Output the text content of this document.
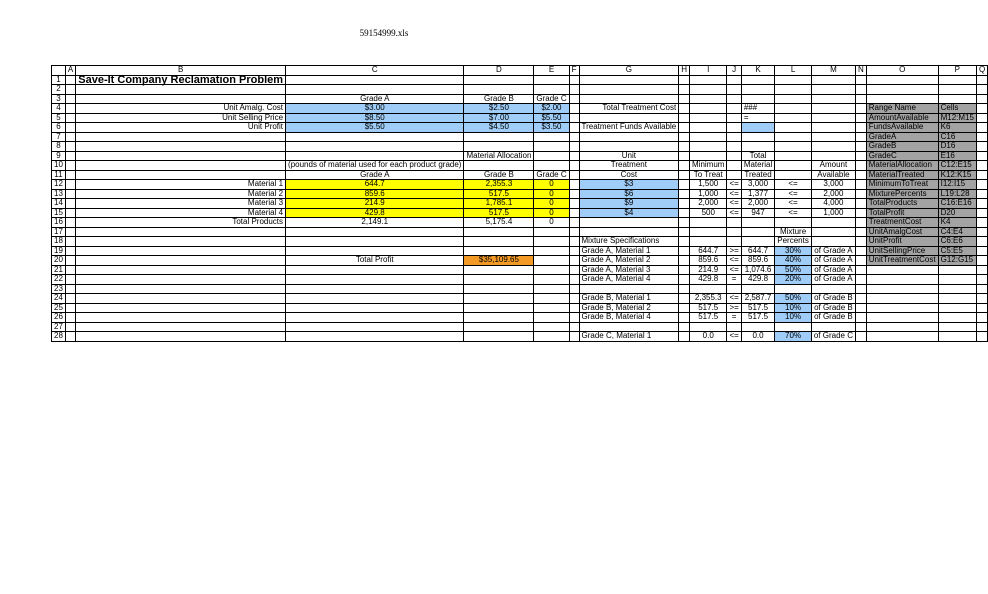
59154999.xls
	A	B	C	D	E	F	G	H	I	J	K	L	M	N	O	P	Q
1		Save-It Company Reclamation Problem															
2																	
3			Grade A	Grade B	Grade C												
4		Unit Amalg. Cost	$3.00	$2.50	$2.00		Total Treatment Cost				###				Range Name	Cells	
5		Unit Selling Price	$8.50	$7.00	$5.50						=				AmountAvailable	M12:M15	
6		Unit Profit	$5.50	$4.50	$3.50		Treatment Funds Available								FundsAvailable	K6	
7															GradeA	C16	
8															GradeB	D16	
9				Material Allocation			Unit				Total				GradeC	E16	
10			(pounds of material used for each product grade)				Treatment		Minimum		Material		Amount		MaterialAllocation	C12:E15	
11			Grade A	Grade B	Grade C		Cost		To Treat		Treated		Available		MaterialTreated	K12:K15	
12		Material 1	644.7	2,355.3	0		$3		1,500	<=	3,000	<=	3,000		MinimumToTreat	I12:I15	
13		Material 2	859.6	517.5	0		$6		1,000	<=	1,377	<=	2,000		MixturePercents	L19:L28	
14		Material 3	214.9	1,785.1	0		$9		2,000	<=	2,000	<=	4,000		TotalProducts	C16:E16	
15		Material 4	429.8	517.5	0		$4		500	<=	947	<=	1,000		TotalProfit	D20	
16		Total Products	2,149.1	5,175.4	0										TreatmentCost	K4	
17												Mixture			UnitAmalgCost	C4:E4	
18							Mixture Specifications					Percents			UnitProfit	C6:E6	
19							Grade A, Material 1		644.7	>=	644.7	30%	of Grade A		UnitSellingPrice	C5:E5	
20			Total Profit	$35,109.65			Grade A, Material 2		859.6	<=	859.6	40%	of Grade A		UnitTreatmentCost	G12:G15	
21							Grade A, Material 3		214.9	<=	1,074.6	50%	of Grade A				
22							Grade A, Material 4		429.8	=	429.8	20%	of Grade A				
23																	
24							Grade B, Material 1		2,355.3	<=	2,587.7	50%	of Grade B				
25							Grade B, Material 2		517.5	>=	517.5	10%	of Grade B				
26							Grade B, Material 4		517.5	=	517.5	10%	of Grade B				
27																	
28							Grade C, Material 1		0.0	<=	0.0	70%	of Grade C				
